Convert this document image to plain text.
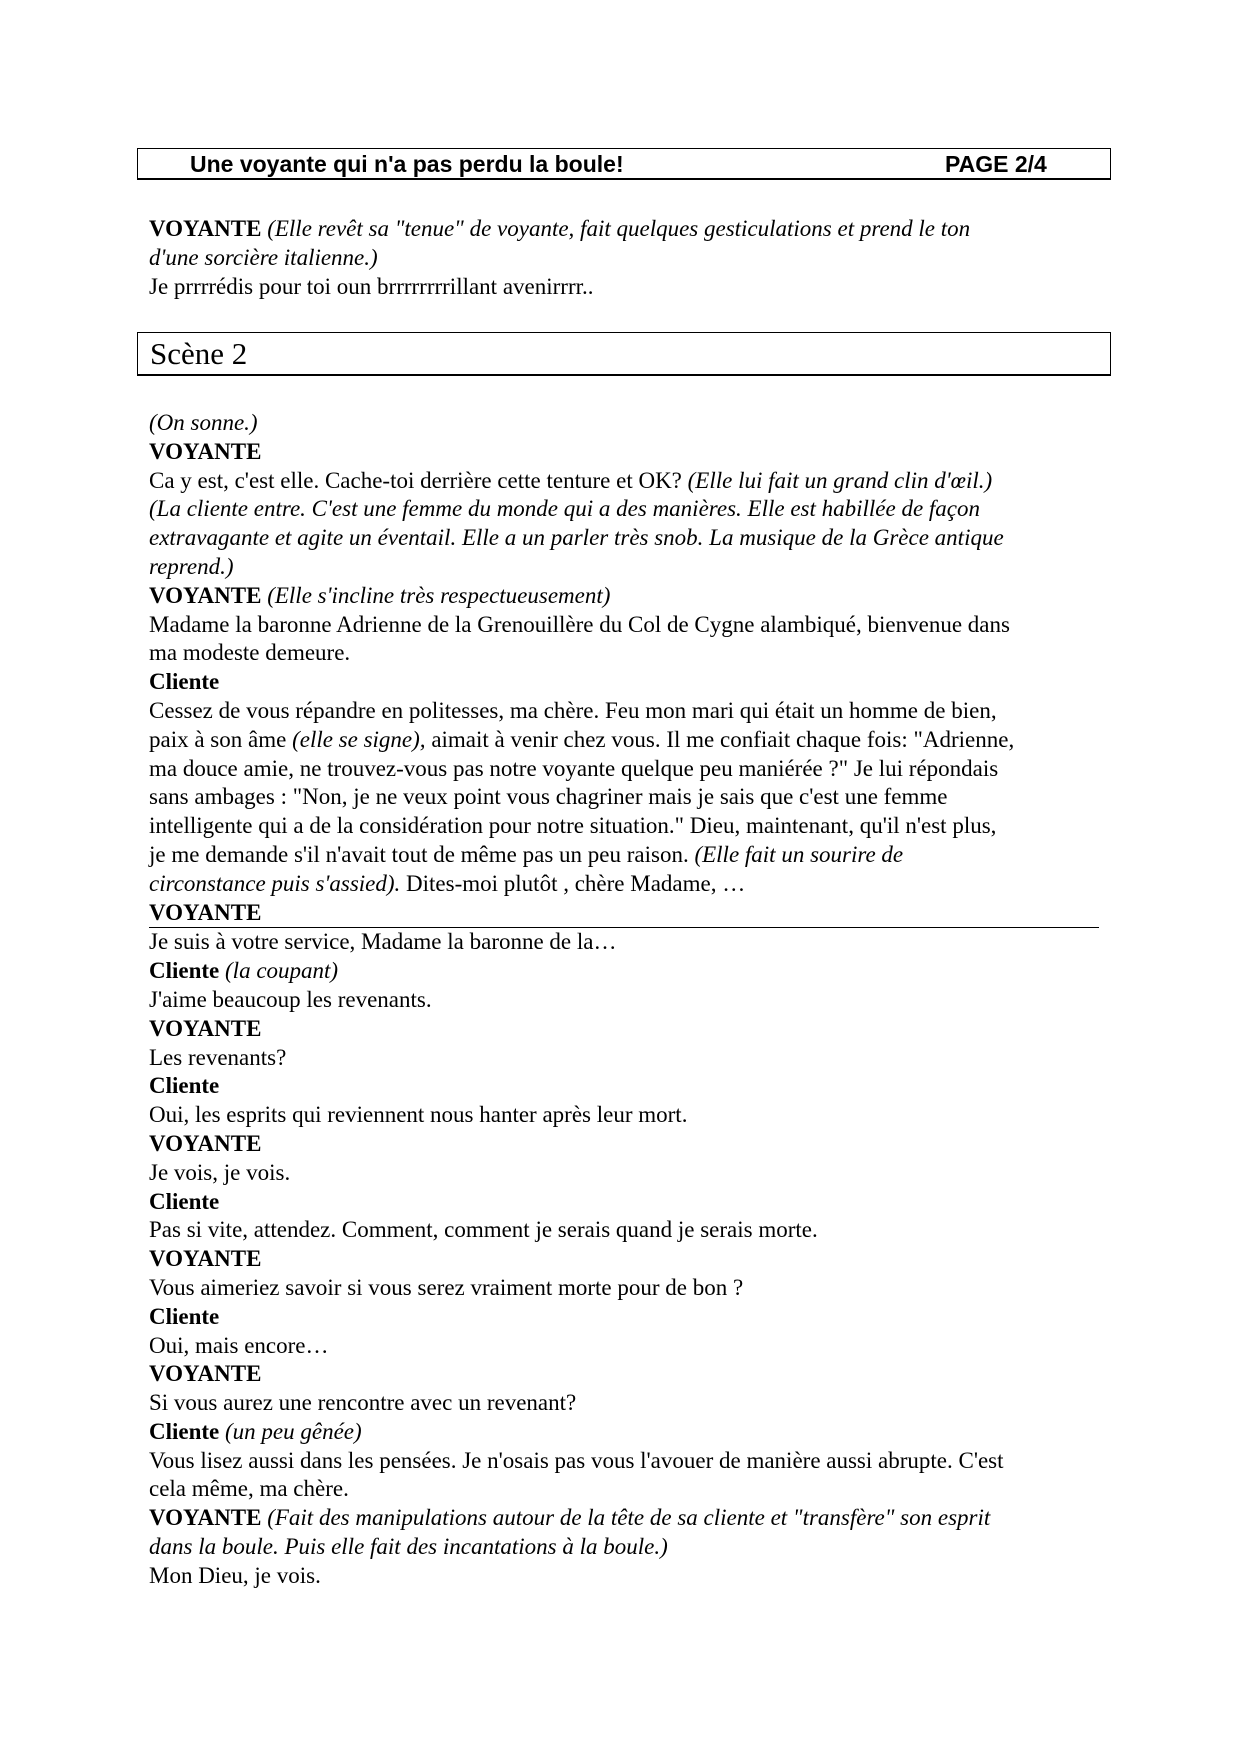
Une voyante qui n'a pas perdu la boule!	PAGE 2/4

VOYANTE (Elle revêt sa "tenue" de voyante, fait quelques gesticulations et prend le ton

d'une sorcière italienne.)

Je prrrrédis pour toi oun brrrrrrrrillant avenirrrr..

Scène 2

(On sonne.)

VOYANTE

Ca y est, c'est elle. Cache-toi derrière cette tenture et OK? (Elle lui fait un grand clin d'œil.)

(La cliente entre. C'est une femme du monde qui a des manières. Elle est habillée de façon
extravagante et agite un éventail. Elle a un parler très snob. La musique de la Grèce antique
reprend.)

VOYANTE (Elle s'incline très respectueusement)

Madame la baronne Adrienne de la Grenouillère du Col de Cygne alambiqué, bienvenue dans
ma modeste demeure.

Cliente

Cessez de vous répandre en politesses, ma chère. Feu mon mari qui était un homme de bien,
paix à son âme (elle se signe), aimait à venir chez vous. Il me confiait chaque fois: "Adrienne,
ma douce amie, ne trouvez-vous pas notre voyante quelque peu maniérée ?" Je lui répondais
sans ambages : "Non, je ne veux point vous chagriner mais je sais que c'est une femme
intelligente qui a de la considération pour notre situation." Dieu, maintenant, qu'il n'est plus,
je me demande s'il n'avait tout de même pas un peu raison. (Elle fait un sourire de
circonstance puis s'assied). Dites-moi plutôt , chère Madame, …

VOYANTE

Je suis à votre service, Madame la baronne de la…

Cliente (la coupant)

J'aime beaucoup les revenants.

VOYANTE

Les revenants?

Cliente

Oui, les esprits qui reviennent nous hanter après leur mort.

VOYANTE

Je vois, je vois.

Cliente

Pas si vite, attendez. Comment, comment je serais quand je serais morte.

VOYANTE

Vous aimeriez savoir si vous serez vraiment morte pour de bon ?

Cliente

Oui, mais encore…

VOYANTE

Si vous aurez une rencontre avec un revenant?

Cliente (un peu gênée)

Vous lisez aussi dans les pensées. Je n'osais pas vous l'avouer de manière aussi abrupte. C'est
cela même, ma chère.

VOYANTE (Fait des manipulations autour de la tête de sa cliente et "transfère" son esprit

dans la boule. Puis elle fait des incantations à la boule.)

Mon Dieu, je vois.
